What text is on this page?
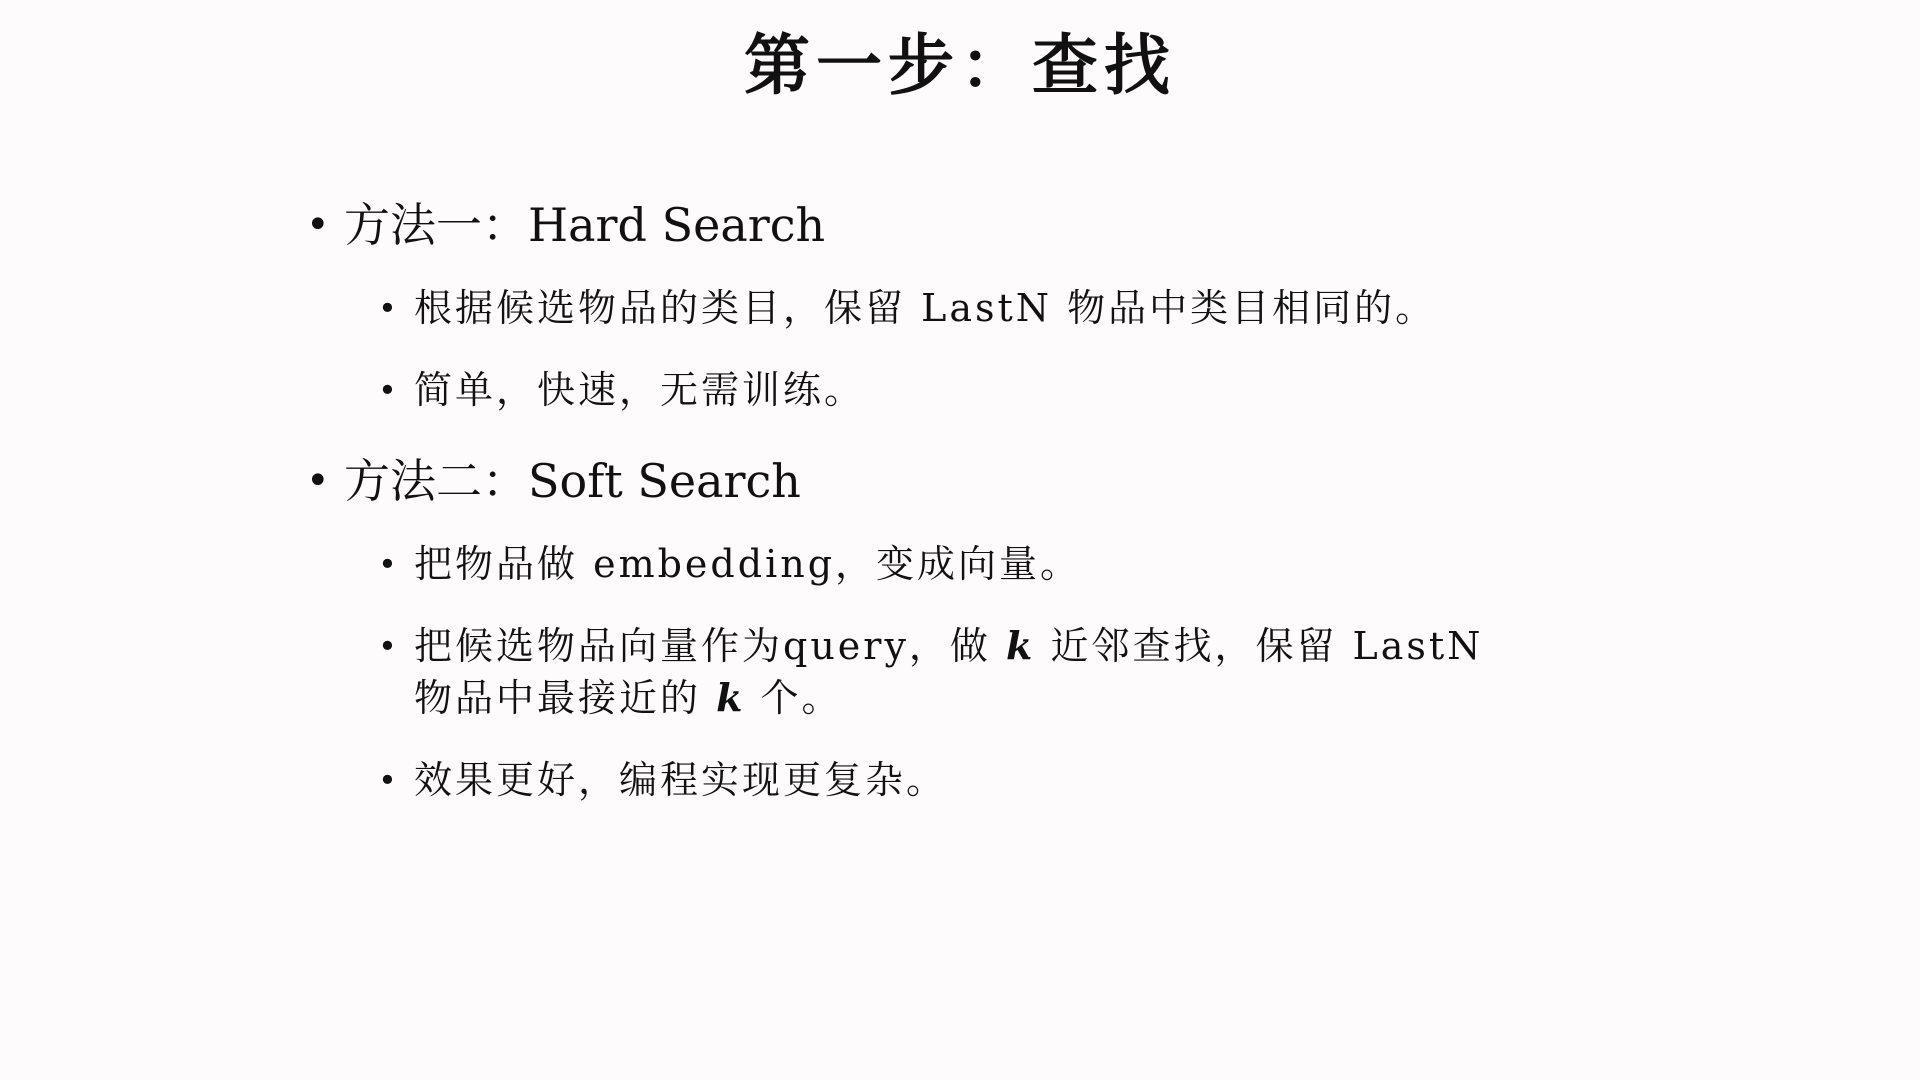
第一步：查找
• 方法一：Hard Search
• 根据候选物品的类目，保留 LastN 物品中类目相同的。
• 简单，快速，无需训练。
• 方法二：Soft Search
• 把物品做 embedding，变成向量。
• 把候选物品向量作为query，做 k 近邻查找，保留 LastN
物品中最接近的 k 个。
• 效果更好，编程实现更复杂。
